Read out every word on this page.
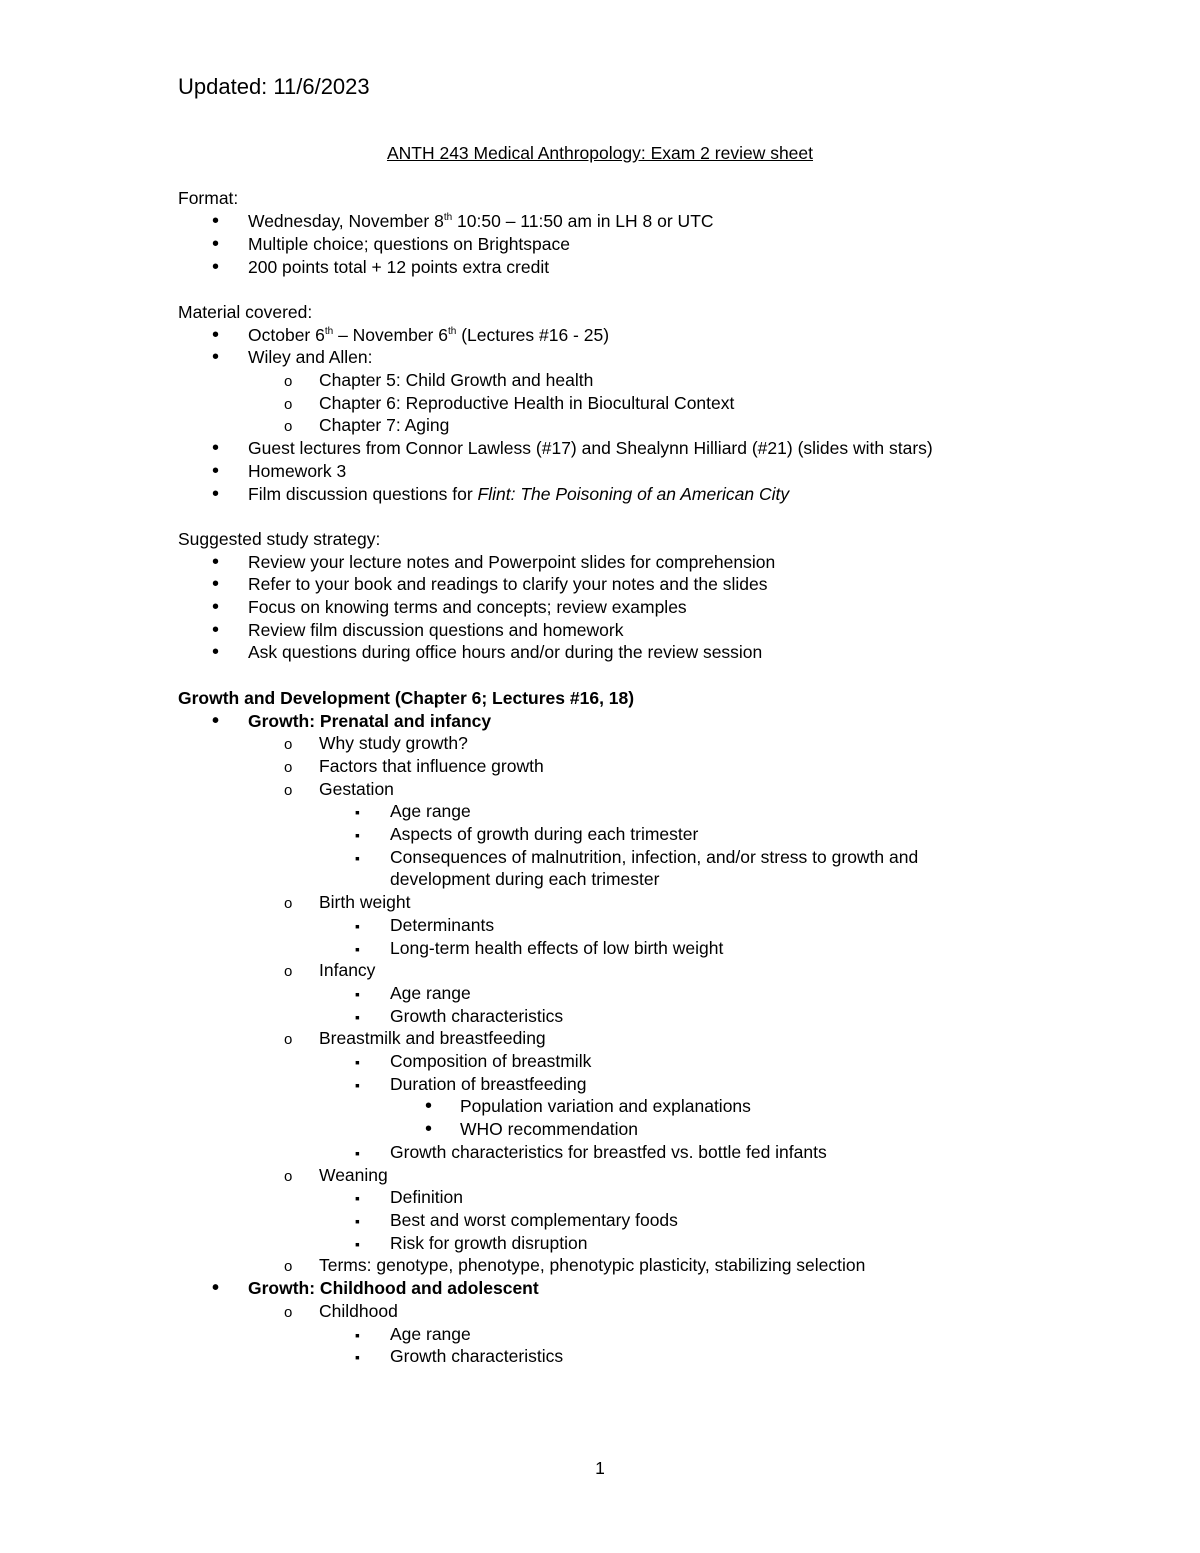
Updated: 11/6/2023
ANTH 243 Medical Anthropology: Exam 2 review sheet
Format:
•
Wednesday, November 8th 10:50 – 11:50 am in LH 8 or UTC
•
Multiple choice; questions on Brightspace
•
200 points total + 12 points extra credit
Material covered:
•
October 6th – November 6th (Lectures #16 - 25)
•
Wiley and Allen:
o
Chapter 5: Child Growth and health
o
Chapter 6: Reproductive Health in Biocultural Context
o
Chapter 7: Aging
•
Guest lectures from Connor Lawless (#17) and Shealynn Hilliard (#21) (slides with stars)
•
Homework 3
•
Film discussion questions for Flint: The Poisoning of an American City
Suggested study strategy:
•
Review your lecture notes and Powerpoint slides for comprehension
•
Refer to your book and readings to clarify your notes and the slides
•
Focus on knowing terms and concepts; review examples
•
Review film discussion questions and homework
•
Ask questions during office hours and/or during the review session
Growth and Development (Chapter 6; Lectures #16, 18)
•
Growth: Prenatal and infancy
o
Why study growth?
o
Factors that influence growth
o
Gestation
▪
Age range
▪
Aspects of growth during each trimester
▪
Consequences of malnutrition, infection, and/or stress to growth and development during each trimester
o
Birth weight
▪
Determinants
▪
Long-term health effects of low birth weight
o
Infancy
▪
Age range
▪
Growth characteristics
o
Breastmilk and breastfeeding
▪
Composition of breastmilk
▪
Duration of breastfeeding
•
Population variation and explanations
•
WHO recommendation
▪
Growth characteristics for breastfed vs. bottle fed infants
o
Weaning
▪
Definition
▪
Best and worst complementary foods
▪
Risk for growth disruption
o
Terms: genotype, phenotype, phenotypic plasticity, stabilizing selection
•
Growth: Childhood and adolescent
o
Childhood
▪
Age range
▪
Growth characteristics
1
